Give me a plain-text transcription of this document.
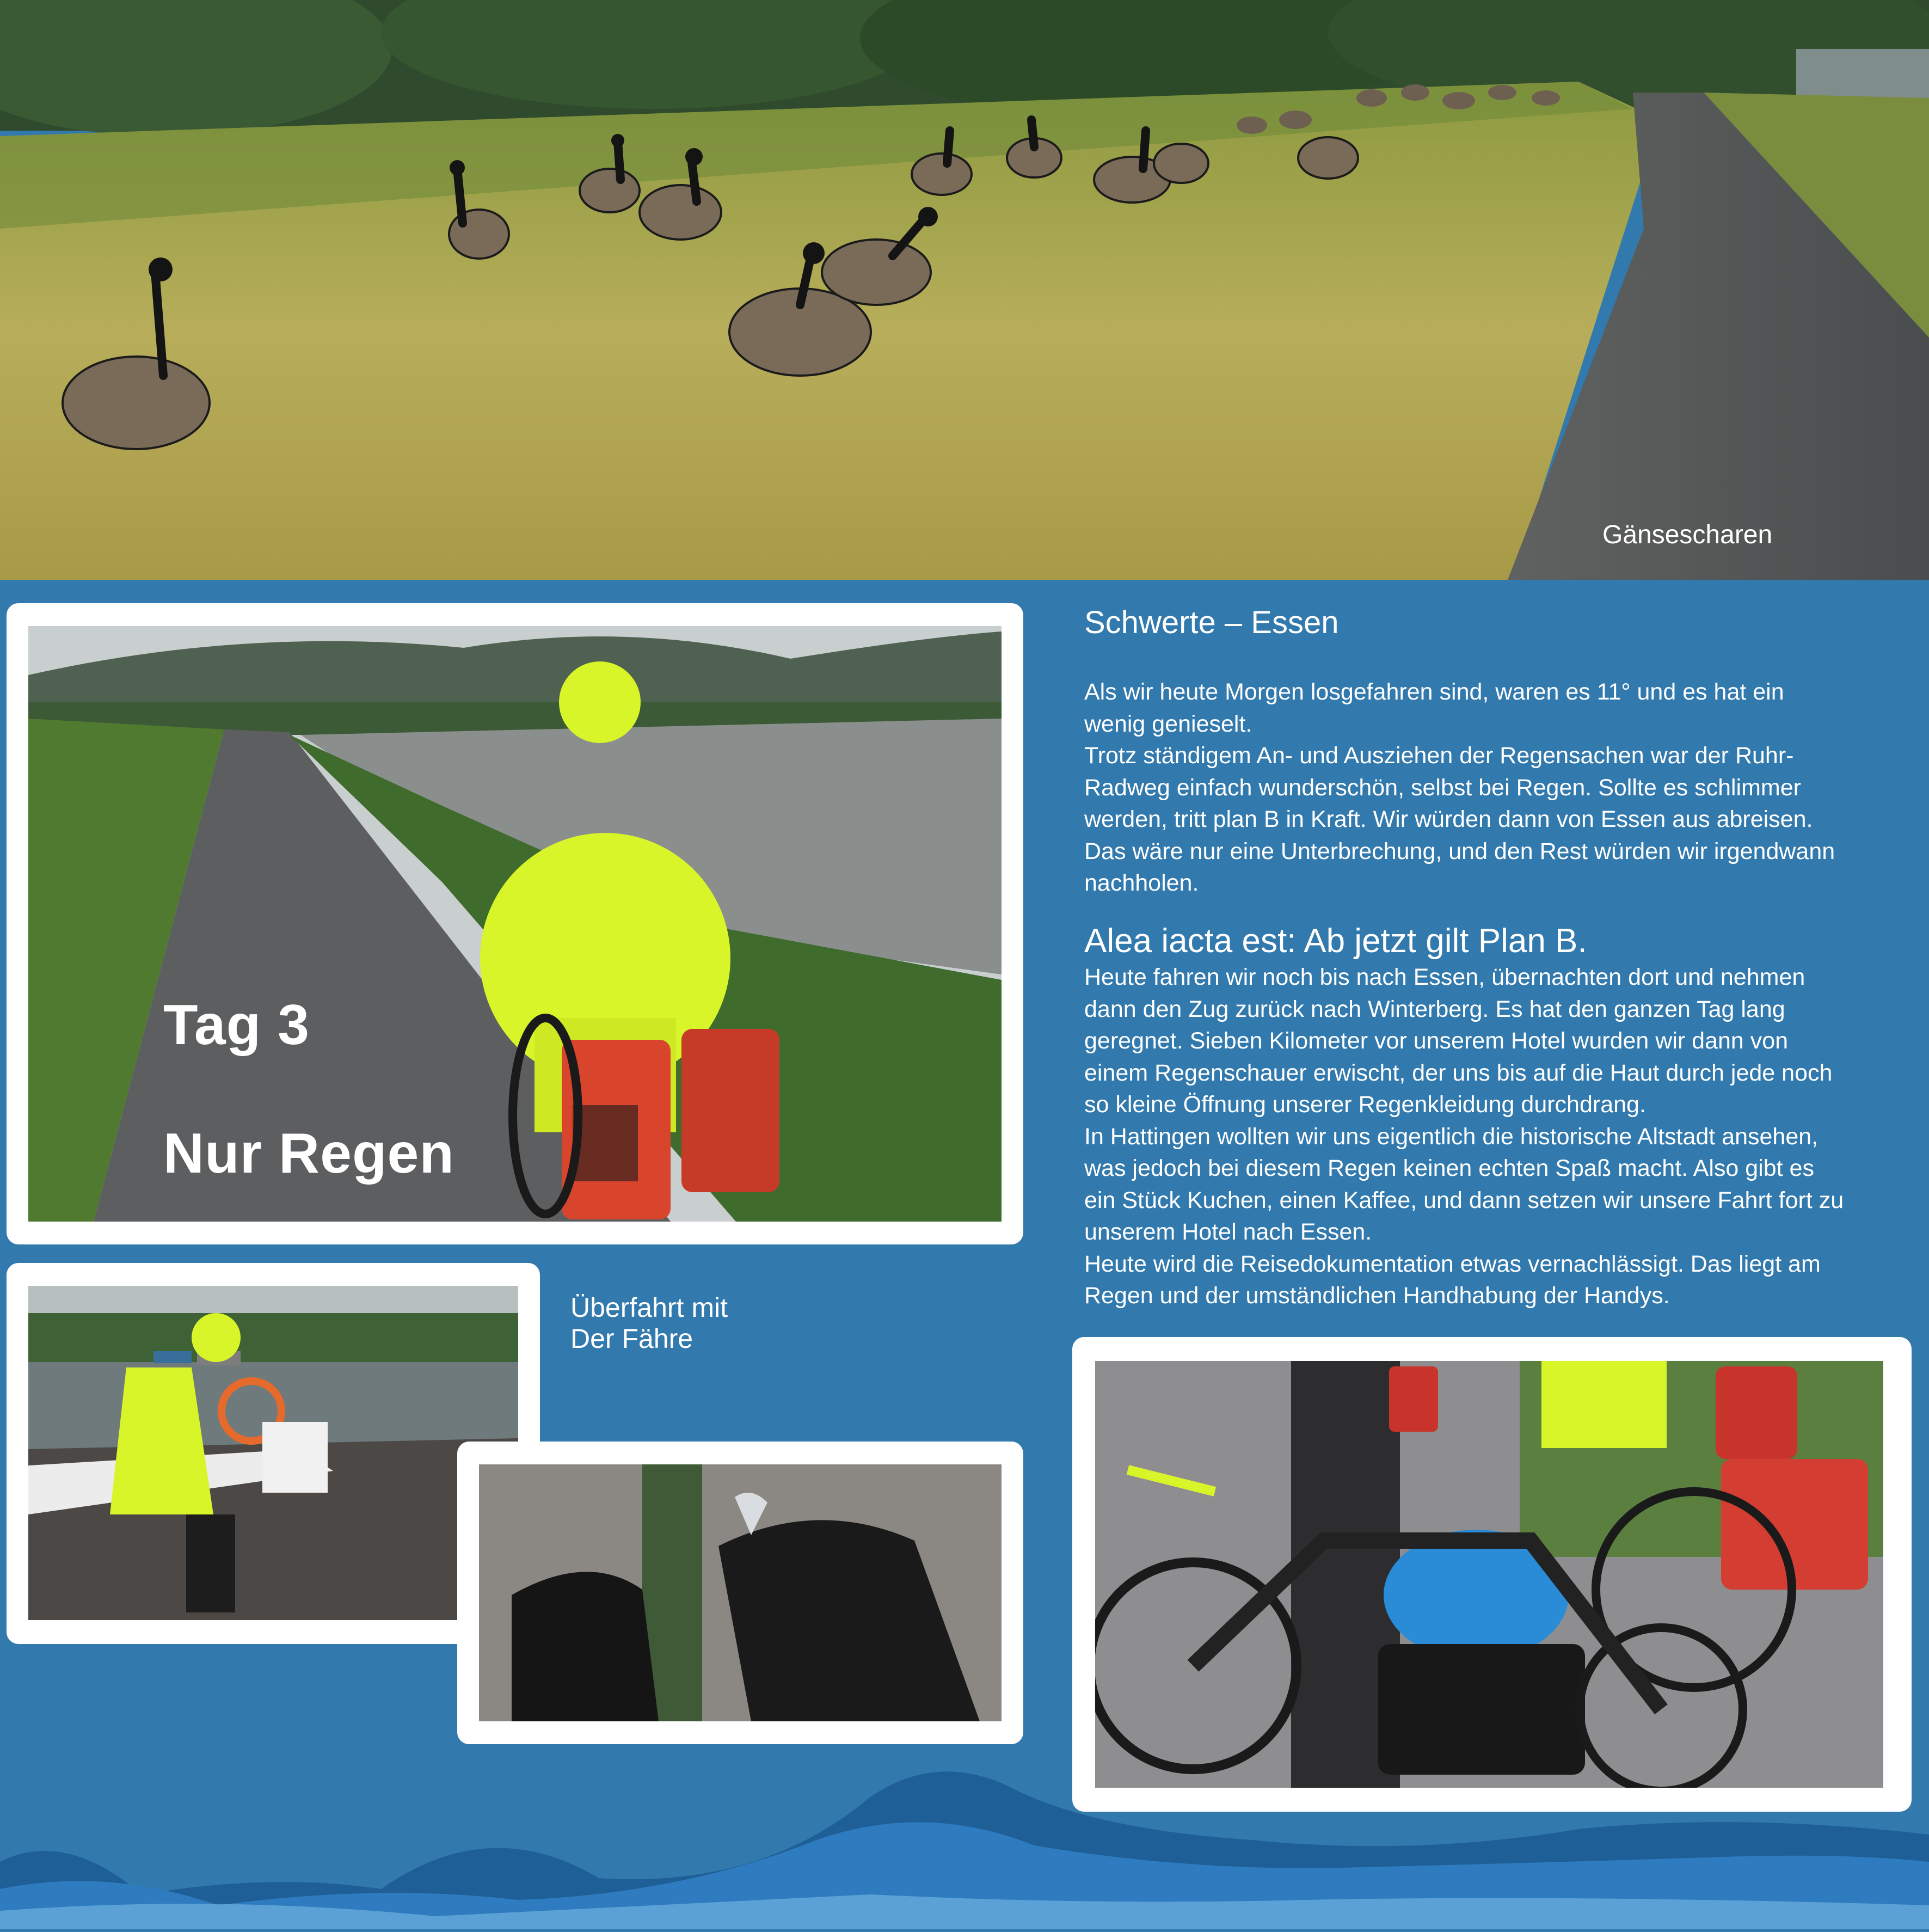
Gänsescharen
Tag 3
Nur Regen
Überfahrt mit
Der Fähre
Schwerte – Essen
Als wir heute Morgen losgefahren sind, waren es 11° und es hat ein
wenig genieselt.
Trotz ständigem An- und Ausziehen der Regensachen war der Ruhr-
Radweg einfach wunderschön, selbst bei Regen. Sollte es schlimmer
werden, tritt plan B in Kraft. Wir würden dann von Essen aus abreisen.
Das wäre nur eine Unterbrechung, und den Rest würden wir irgendwann
nachholen.
Alea iacta est: Ab jetzt gilt Plan B.
Heute fahren wir noch bis nach Essen, übernachten dort und nehmen
dann den Zug zurück nach Winterberg. Es hat den ganzen Tag lang
geregnet. Sieben Kilometer vor unserem Hotel wurden wir dann von
einem Regenschauer erwischt, der uns bis auf die Haut durch jede noch
so kleine Öffnung unserer Regenkleidung durchdrang.
In Hattingen wollten wir uns eigentlich die historische Altstadt ansehen,
was jedoch bei diesem Regen keinen echten Spaß macht. Also gibt es
ein Stück Kuchen, einen Kaffee, und dann setzen wir unsere Fahrt fort zu
unserem Hotel nach Essen.
Heute wird die Reisedokumentation etwas vernachlässigt. Das liegt am
Regen und der umständlichen Handhabung der Handys.
